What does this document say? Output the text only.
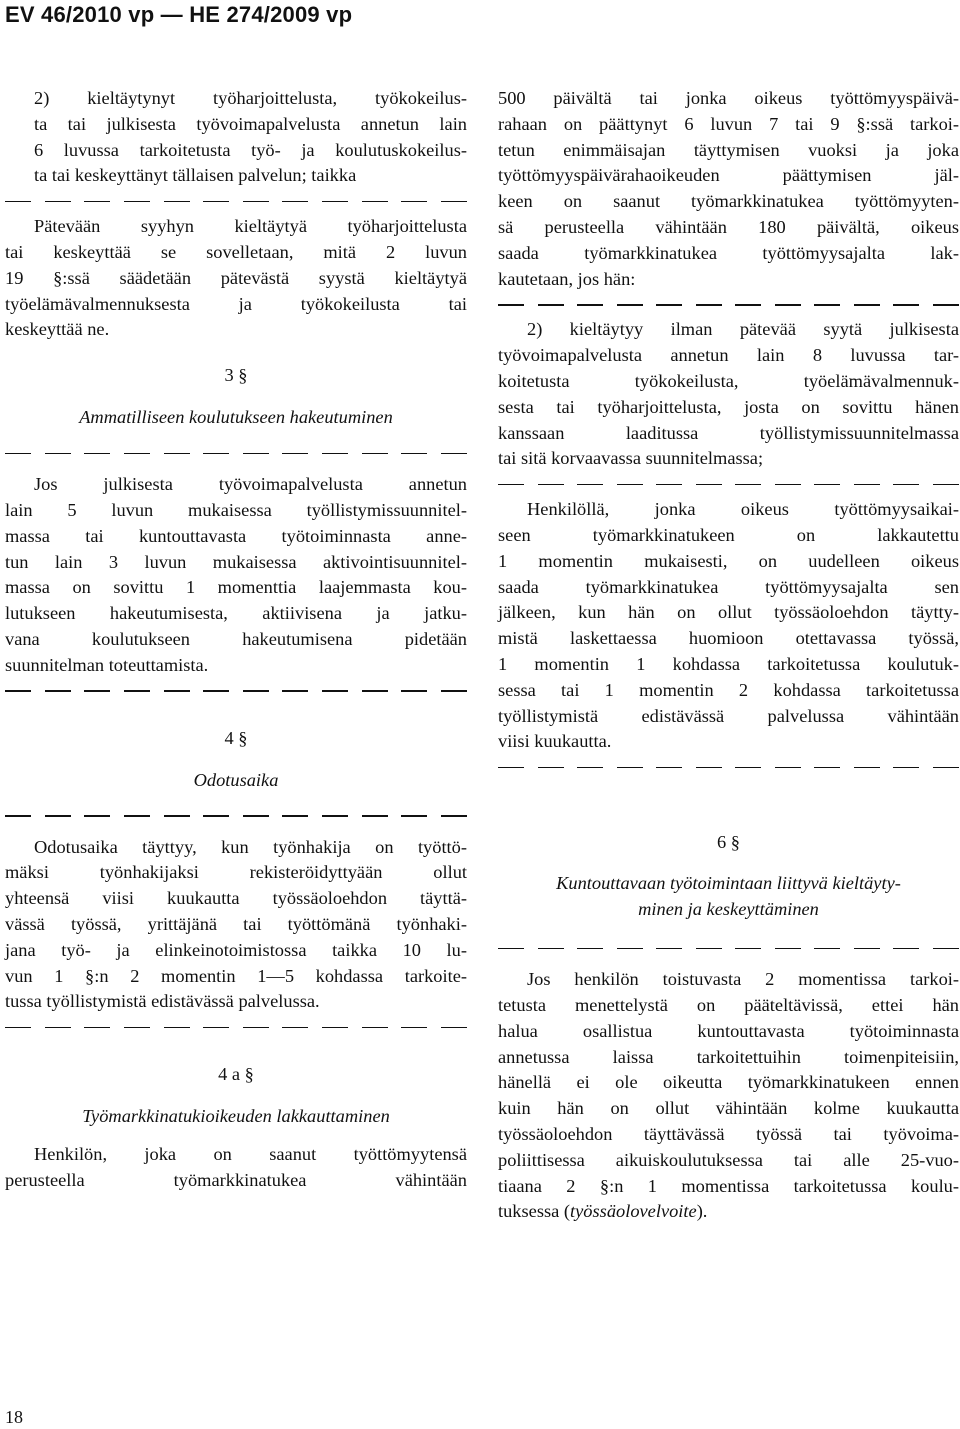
EV 46/2010 vp — HE 274/2009 vp
2) kieltäytynyt työharjoittelusta, työkokeilus-
ta tai julkisesta työvoimapalvelusta annetun lain
6 luvussa tarkoitetusta työ- ja koulutuskokeilus-
ta tai keskeyttänyt tällaisen palvelun; taikka
Pätevään syyhyn kieltäytyä työharjoittelusta
tai keskeyttää se sovelletaan, mitä 2 luvun
19 §:ssä säädetään pätevästä syystä kieltäytyä
työelämävalmennuksesta ja työkokeilusta tai
keskeyttää ne.
3 §
Ammatilliseen koulutukseen hakeutuminen
Jos julkisesta työvoimapalvelusta annetun
lain 5 luvun mukaisessa työllistymissuunnitel-
massa tai kuntouttavasta työtoiminnasta anne-
tun lain 3 luvun mukaisessa aktivointisuunnitel-
massa on sovittu 1 momenttia laajemmasta kou-
lutukseen hakeutumisesta, aktiivisena ja jatku-
vana koulutukseen hakeutumisena pidetään
suunnitelman toteuttamista.
4 §
Odotusaika
Odotusaika täyttyy, kun työnhakija on työttö-
mäksi työnhakijaksi rekisteröidyttyään ollut
yhteensä viisi kuukautta työssäoloehdon täyttä-
vässä työssä, yrittäjänä tai työttömänä työnhaki-
jana työ- ja elinkeinotoimistossa taikka 10 lu-
vun 1 §:n 2 momentin 1—5 kohdassa tarkoite-
tussa työllistymistä edistävässä palvelussa.
4 a §
Työmarkkinatukioikeuden lakkauttaminen
Henkilön, joka on saanut työttömyytensä
perusteella työmarkkinatukea vähintään
500 päivältä tai jonka oikeus työttömyyspäivä-
rahaan on päättynyt 6 luvun 7 tai 9 §:ssä tarkoi-
tetun enimmäisajan täyttymisen vuoksi ja joka
työttömyyspäivärahaoikeuden päättymisen jäl-
keen on saanut työmarkkinatukea työttömyyten-
sä perusteella vähintään 180 päivältä, oikeus
saada työmarkkinatukea työttömyysajalta lak-
kautetaan, jos hän:
2) kieltäytyy ilman pätevää syytä julkisesta
työvoimapalvelusta annetun lain 8 luvussa tar-
koitetusta työkokeilusta, työelämävalmennuk-
sesta tai työharjoittelusta, josta on sovittu hänen
kanssaan laaditussa työllistymissuunnitelmassa
tai sitä korvaavassa suunnitelmassa;
Henkilöllä, jonka oikeus työttömyysaikai-
seen työmarkkinatukeen on lakkautettu
1 momentin mukaisesti, on uudelleen oikeus
saada työmarkkinatukea työttömyysajalta sen
jälkeen, kun hän on ollut työssäoloehdon täytty-
mistä laskettaessa huomioon otettavassa työssä,
1 momentin 1 kohdassa tarkoitetussa koulutuk-
sessa tai 1 momentin 2 kohdassa tarkoitetussa
työllistymistä edistävässä palvelussa vähintään
viisi kuukautta.
6 §
Kuntouttavaan työtoimintaan liittyvä kieltäyty-
minen ja keskeyttäminen
Jos henkilön toistuvasta 2 momentissa tarkoi-
tetusta menettelystä on pääteltävissä, ettei hän
halua osallistua kuntouttavasta työtoiminnasta
annetussa laissa tarkoitettuihin toimenpiteisiin,
hänellä ei ole oikeutta työmarkkinatukeen ennen
kuin hän on ollut vähintään kolme kuukautta
työssäoloehdon täyttävässä työssä tai työvoima-
poliittisessa aikuiskoulutuksessa tai alle 25-vuo-
tiaana 2 §:n 1 momentissa tarkoitetussa koulu-
tuksessa (työssäolovelvoite).
18
